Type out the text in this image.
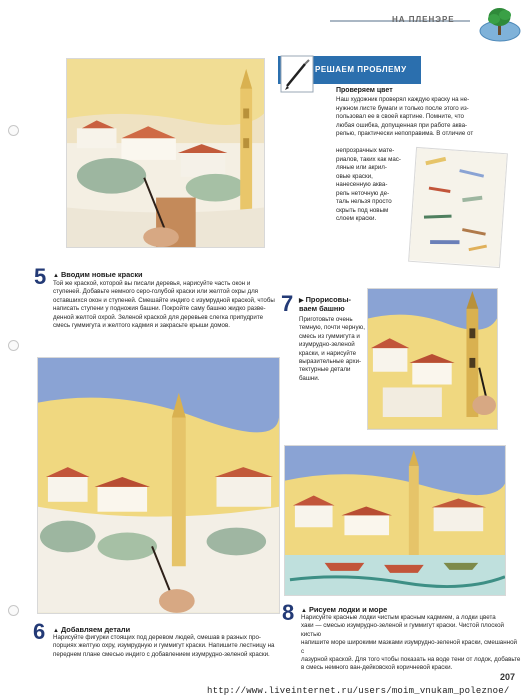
НА ПЛЕНЭРЕ
РЕШАЕМ ПРОБЛЕМУ
Проверяем цвет
Наш художник проверял каждую краску на не-
нужном листе бумаги и только после этого из-
пользовал ее в своей картине. Помните, что
любая ошибка, допущенная при работе аква-
релью, практически непоправима. В отличие от
непрозрачных мате-
риалов, таких как мас-
ляные или акрил-
овые краски,
нанесенную аква-
рель неточную де-
таль нельзя просто
скрыть под новым
слоем краски.
5 ▲ Вводим новые краски
Той же краской, которой вы писали деревья, нарисуйте часть окон и
ступеней. Добавьте немного серо-голубой краски или желтой охры для
оставшихся окон и ступеней. Смешайте индиго с изумрудной краской, чтобы
написать ступени у подножия башни. Покройте саму башню жидко разве-
денной желтой охрой. Зеленой краской для деревьев слегка припудрите
смесь гуммигута и желтого кадмия и закрасьте крыши домов.
7 ▶ Прорисовы-
ваем башню
Приготовьте очень
темную, почти черную,
смесь из гуммигута и
изумрудно-зеленой
краски, и нарисуйте
выразительные архи-
тектурные детали
башни.
6 ▲ Добавляем детали
Нарисуйте фигурки стоящих под деревом людей, смешав в разных про-
порциях желтую охру, изумрудную и гуммигут краски. Напишите лестницу на
переднем плане смесью индиго с добавлением изумрудно-зеленой краски.
8 ▲ Рисуем лодки и море
Нарисуйте красные лодки чистым красным кадмием, а лодки цвета
хаки — смесью изумрудно-зеленой и гуммигут краски. Чистой плоской кистью
напишите море широкими мазками изумрудно-зеленой краски, смешанной с
лазурной краской. Для того чтобы показать на воде тени от лодок, добавьте
в смесь немного ван-дейковской коричневой краски.
207
http://www.liveinternet.ru/users/moim_vnukam_poleznoe/
